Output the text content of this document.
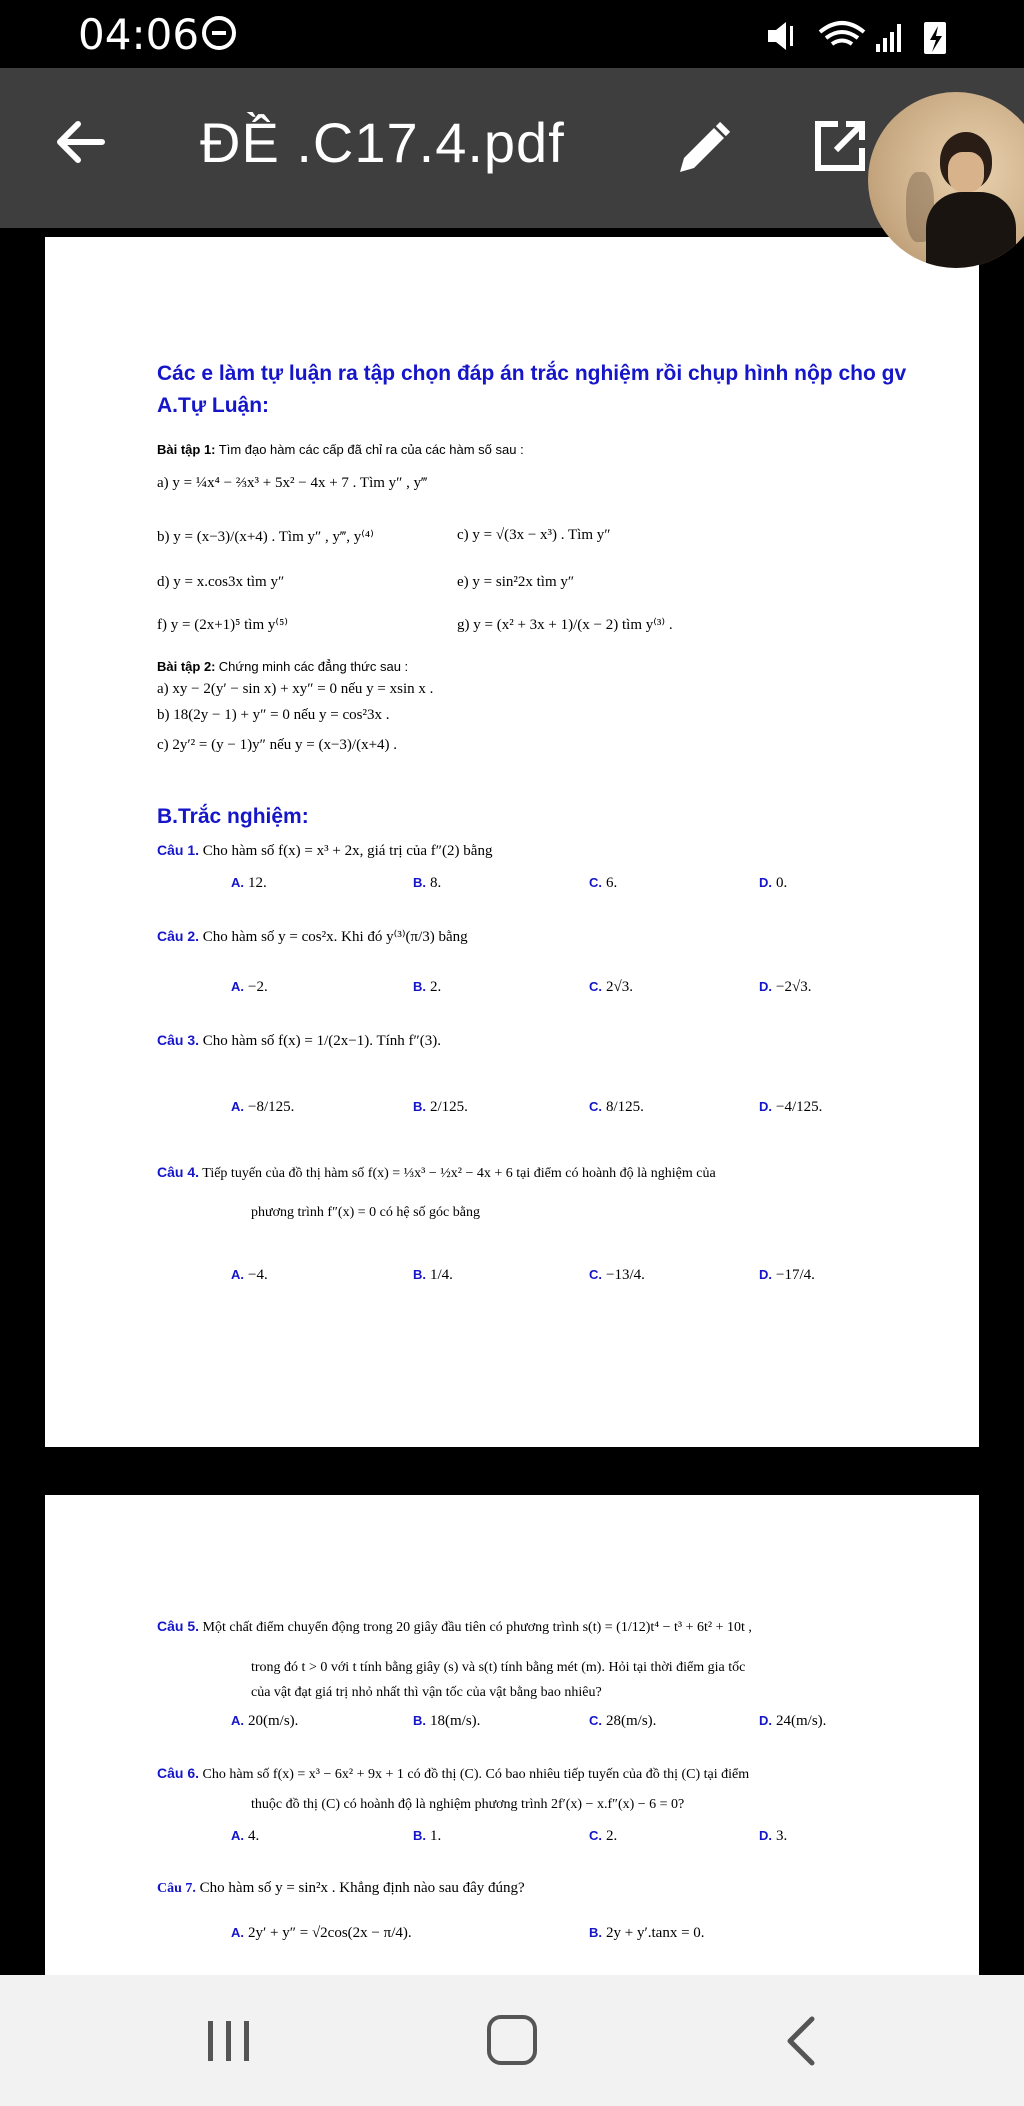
04:06
ĐỀ .C17.4.pdf
Các e làm tự luận ra tập chọn đáp án trắc nghiệm rồi chụp hình nộp cho gv
A.Tự Luận:
Bài tập 1: Tìm đạo hàm các cấp đã chỉ ra của các hàm số sau :
a) y = ¼x⁴ − ⅔x³ + 5x² − 4x + 7 . Tìm y″ , y‴
b) y = (x−3)/(x+4) . Tìm y″ , y‴, y⁽⁴⁾	c) y = √(3x − x³) . Tìm y″
d) y = x.cos3x tìm y″	e) y = sin²2x tìm y″
f) y = (2x+1)⁵ tìm y⁽⁵⁾	g) y = (x² + 3x + 1)/(x − 2) tìm y⁽³⁾ .
Bài tập 2: Chứng minh các đẳng thức sau :
a) xy − 2(y′ − sin x) + xy″ = 0 nếu y = xsin x .
b) 18(2y − 1) + y″ = 0 nếu y = cos²3x .
c) 2y′² = (y − 1)y″ nếu y = (x−3)/(x+4) .
B.Trắc nghiệm:
Câu 1. Cho hàm số f(x) = x³ + 2x, giá trị của f″(2) bằng
A. 12.	B. 8.	C. 6.	D. 0.
Câu 2. Cho hàm số y = cos²x. Khi đó y⁽³⁾(π/3) bằng
A. −2.	B. 2.	C. 2√3.	D. −2√3.
Câu 3. Cho hàm số f(x) = 1/(2x−1). Tính f″(3).
A. −8/125.	B. 2/125.	C. 8/125.	D. −4/125.
Câu 4. Tiếp tuyến của đồ thị hàm số f(x) = ⅓x³ − ½x² − 4x + 6 tại điểm có hoành độ là nghiệm của
phương trình f″(x) = 0 có hệ số góc bằng
A. −4.	B. 1/4.	C. −13/4.	D. −17/4.
Câu 5. Một chất điểm chuyển động trong 20 giây đầu tiên có phương trình s(t) = (1/12)t⁴ − t³ + 6t² + 10t ,
trong đó t > 0 với t tính bằng giây (s) và s(t) tính bằng mét (m). Hỏi tại thời điểm gia tốc
của vật đạt giá trị nhỏ nhất thì vận tốc của vật bằng bao nhiêu?
A. 20(m/s).	B. 18(m/s).	C. 28(m/s).	D. 24(m/s).
Câu 6. Cho hàm số f(x) = x³ − 6x² + 9x + 1 có đồ thị (C). Có bao nhiêu tiếp tuyến của đồ thị (C) tại điểm
thuộc đồ thị (C) có hoành độ là nghiệm phương trình 2f′(x) − x.f″(x) − 6 = 0?
A. 4.	B. 1.	C. 2.	D. 3.
Câu 7. Cho hàm số y = sin²x . Khẳng định nào sau đây đúng?
A. 2y′ + y″ = √2cos(2x − π/4).	B. 2y + y′.tanx = 0.
